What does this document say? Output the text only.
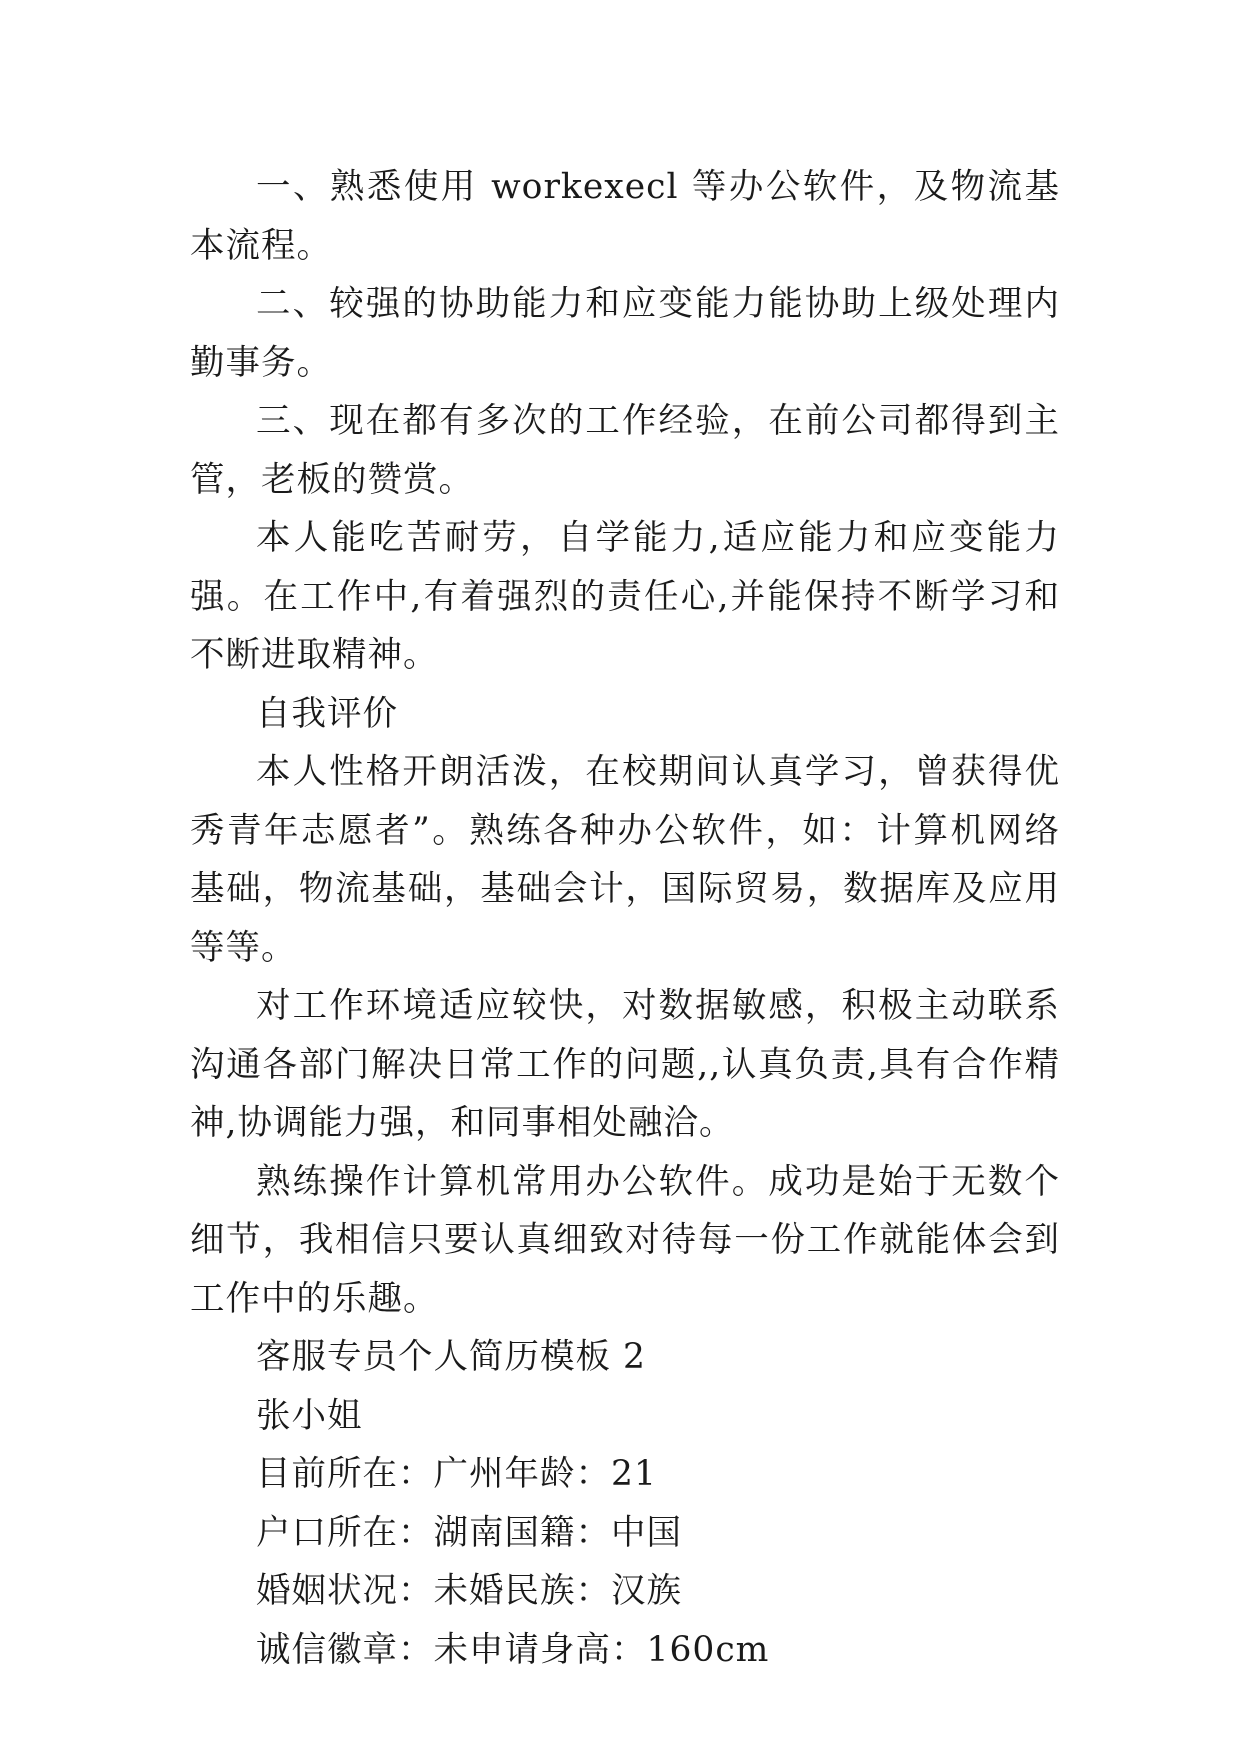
一、熟悉使用 workexecl 等办公软件，及物流基本流程。

二、较强的协助能力和应变能力能协助上级处理内勤事务。

三、现在都有多次的工作经验，在前公司都得到主管，老板的赞赏。

本人能吃苦耐劳，自学能力,适应能力和应变能力强。在工作中,有着强烈的责任心,并能保持不断学习和不断进取精神。

自我评价

本人性格开朗活泼，在校期间认真学习，曾获得优秀青年志愿者”。熟练各种办公软件，如：计算机网络基础，物流基础，基础会计，国际贸易，数据库及应用等等。

对工作环境适应较快，对数据敏感，积极主动联系沟通各部门解决日常工作的问题,,认真负责,具有合作精神,协调能力强，和同事相处融洽。

熟练操作计算机常用办公软件。成功是始于无数个细节，我相信只要认真细致对待每一份工作就能体会到工作中的乐趣。

客服专员个人简历模板 2

张小姐

目前所在：广州年龄：21

户口所在：湖南国籍：中国

婚姻状况：未婚民族：汉族

诚信徽章：未申请身高：160cm
